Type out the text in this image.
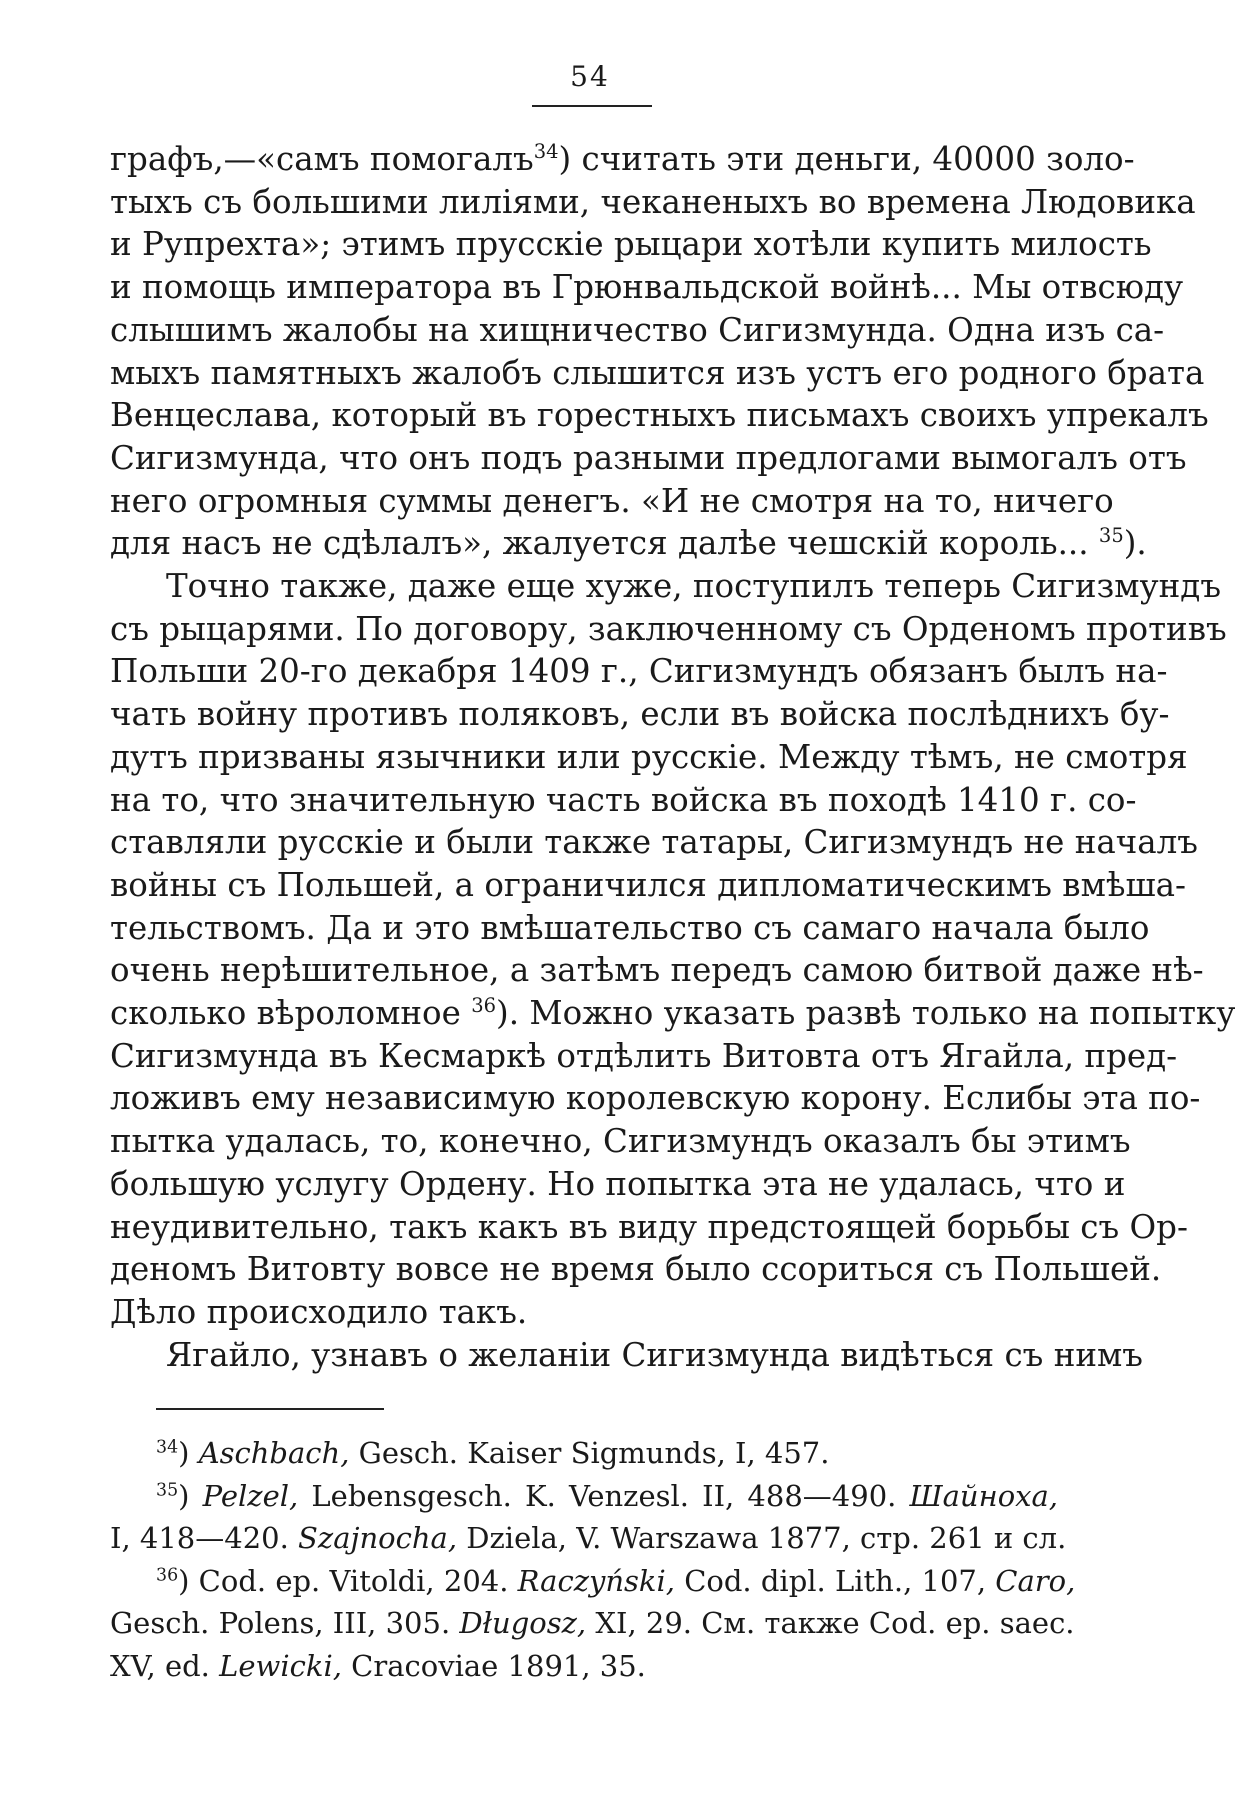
54
графъ,—«самъ помогалъ$^{34}$) считать эти деньги, 40000 золо-
тыхъ съ большими лиліями, чеканеныхъ во времена Людовика
и Рупрехта»; этимъ прусскіе рыцари хотѣли купить милость
и помощь императора въ Грюнвальдской войнѣ... Мы отвсюду
слышимъ жалобы на хищничество Сигизмунда. Одна изъ са-
мыхъ памятныхъ жалобъ слышится изъ устъ его родного брата
Венцеслава, который въ горестныхъ письмахъ своихъ упрекалъ
Сигизмунда, что онъ подъ разными предлогами вымогалъ отъ
него огромныя суммы денегъ. «И не смотря на то, ничего
для насъ не сдѣлалъ», жалуется далѣе чешскій король... $^{35}$).
Точно также, даже еще хуже, поступилъ теперь Сигизмундъ
съ рыцарями. По договору, заключенному съ Орденомъ противъ
Польши 20-го декабря 1409 г., Сигизмундъ обязанъ былъ на-
чать войну противъ поляковъ, если въ войска послѣднихъ бу-
дутъ призваны язычники или русскіе. Между тѣмъ, не смотря
на то, что значительную часть войска въ походѣ 1410 г. со-
ставляли русскіе и были также татары, Сигизмундъ не началъ
войны съ Польшей, а ограничился дипломатическимъ вмѣша-
тельствомъ. Да и это вмѣшательство съ самаго начала было
очень нерѣшительное, а затѣмъ передъ самою битвой даже нѣ-
сколько вѣроломное $^{36}$). Можно указать развѣ только на попытку
Сигизмунда въ Кесмаркѣ отдѣлить Витовта отъ Ягайла, пред-
ложивъ ему независимую королевскую корону. Еслибы эта по-
пытка удалась, то, конечно, Сигизмундъ оказалъ бы этимъ
большую услугу Ордену. Но попытка эта не удалась, что и
неудивительно, такъ какъ въ виду предстоящей борьбы съ Ор-
деномъ Витовту вовсе не время было ссориться съ Польшей.
Дѣло происходило такъ.
Ягайло, узнавъ о желаніи Сигизмунда видѣться съ нимъ
$^{34}$) Aschbach, Gesch. Kaiser Sigmunds, I, 457.
$^{35}$) Pelzel, Lebensgesch. K. Venzesl. II, 488—490. Шайноха,
I, 418—420. Szajnocha, Dziela, V. Warszawa 1877, стр. 261 и сл.
$^{36}$) Cod. ep. Vitoldi, 204. Raczyński, Cod. dipl. Lith., 107, Caro,
Gesch. Polens, III, 305. Długosz, XI, 29. См. также Cod. ep. saec.
XV, ed. Lewicki, Cracoviae 1891, 35.
